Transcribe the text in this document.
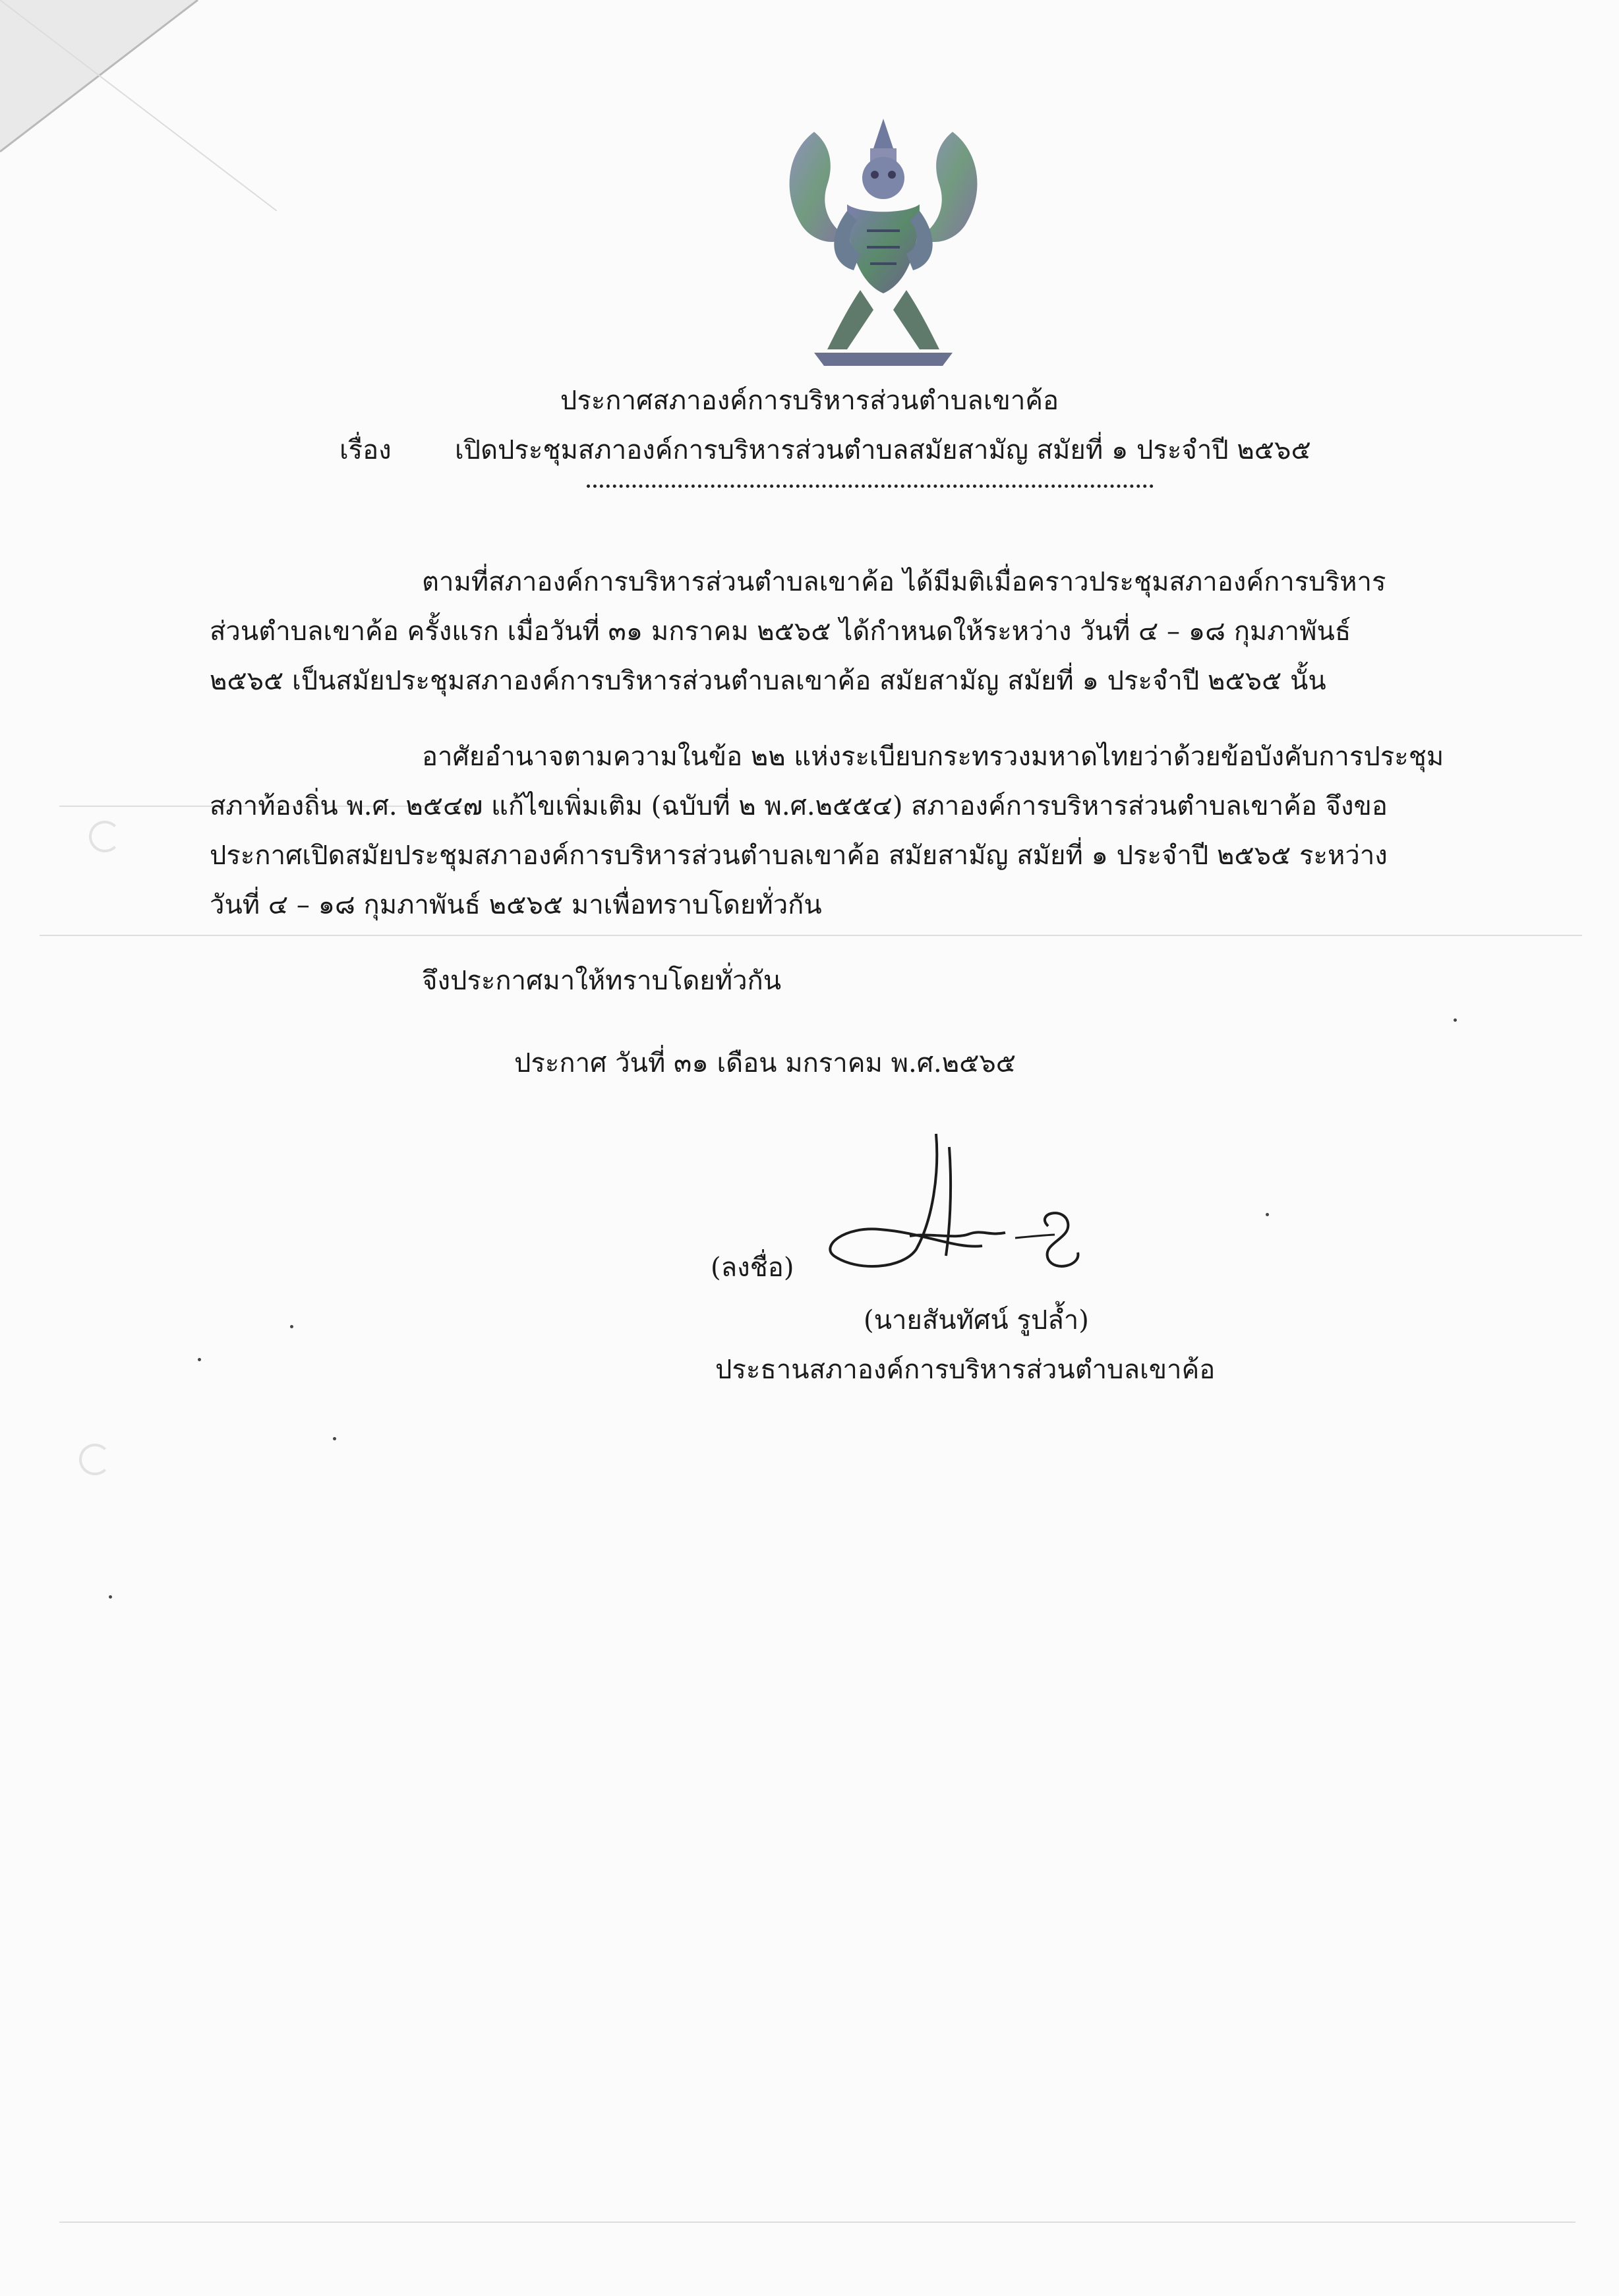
ประกาศสภาองค์การบริหารส่วนตำบลเขาค้อ
เรื่อง เปิดประชุมสภาองค์การบริหารส่วนตำบลสมัยสามัญ สมัยที่ ๑ ประจำปี ๒๕๖๕
ตามที่สภาองค์การบริหารส่วนตำบลเขาค้อ ได้มีมติเมื่อคราวประชุมสภาองค์การบริหาร
ส่วนตำบลเขาค้อ ครั้งแรก เมื่อวันที่ ๓๑ มกราคม ๒๕๖๕ ได้กำหนดให้ระหว่าง วันที่ ๔ – ๑๘ กุมภาพันธ์
๒๕๖๕ เป็นสมัยประชุมสภาองค์การบริหารส่วนตำบลเขาค้อ สมัยสามัญ สมัยที่ ๑ ประจำปี ๒๕๖๕ นั้น
อาศัยอำนาจตามความในข้อ ๒๒ แห่งระเบียบกระทรวงมหาดไทยว่าด้วยข้อบังคับการประชุม
สภาท้องถิ่น พ.ศ. ๒๕๔๗ แก้ไขเพิ่มเติม (ฉบับที่ ๒ พ.ศ.๒๕๕๔) สภาองค์การบริหารส่วนตำบลเขาค้อ จึงขอ
ประกาศเปิดสมัยประชุมสภาองค์การบริหารส่วนตำบลเขาค้อ สมัยสามัญ สมัยที่ ๑ ประจำปี ๒๕๖๕ ระหว่าง
วันที่ ๔ – ๑๘ กุมภาพันธ์ ๒๕๖๕ มาเพื่อทราบโดยทั่วกัน
จึงประกาศมาให้ทราบโดยทั่วกัน
ประกาศ วันที่ ๓๑ เดือน มกราคม พ.ศ.๒๕๖๕
(ลงชื่อ)
(นายสันทัศน์ รูปล้ำ)
ประธานสภาองค์การบริหารส่วนตำบลเขาค้อ
